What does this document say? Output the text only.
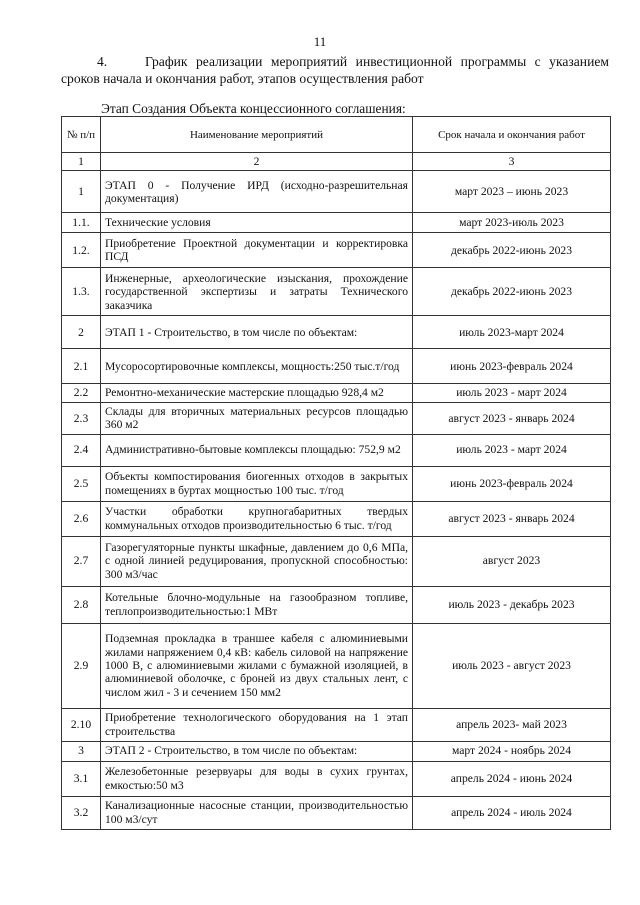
11
4.	График реализации мероприятий инвестиционной программы с указанием сроков начала и окончания работ, этапов осуществления работ
Этап Создания Объекта концессионного соглашения:
№ п/п	Наименование мероприятий	Срок начала и окончания работ
1	2	3
1	ЭТАП 0 - Получение ИРД (исходно-разрешительная документация)	март 2023 – июнь 2023
1.1.	Технические условия	март 2023-июль 2023
1.2.	Приобретение Проектной документации и корректировка ПСД	декабрь 2022-июнь 2023
1.3.	Инженерные, археологические изыскания, прохождение государственной экспертизы и затраты Технического заказчика	декабрь 2022-июнь 2023
2	ЭТАП 1 - Строительство, в том числе по объектам:	июль 2023-март 2024
2.1	Мусоросортировочные комплексы, мощность:250 тыс.т/год	июнь 2023-февраль 2024
2.2	Ремонтно-механические мастерские площадью 928,4 м2	июль 2023 - март 2024
2.3	Склады для вторичных материальных ресурсов площадью 360 м2	август 2023 - январь 2024
2.4	Административно-бытовые комплексы площадью: 752,9 м2	июль 2023 - март 2024
2.5	Объекты компостирования биогенных отходов в закрытых помещениях в буртах мощностью 100 тыс. т/год	июнь 2023-февраль 2024
2.6	Участки обработки крупногабаритных твердых коммунальных отходов производительностью 6 тыс. т/год	август 2023 - январь 2024
2.7	Газорегуляторные пункты шкафные, давлением до 0,6 МПа, с одной линией редуцирования, пропускной способностью: 300 м3/час	август 2023
2.8	Котельные блочно-модульные на газообразном топливе, теплопроизводительностью:1 МВт	июль 2023 - декабрь 2023
2.9	Подземная прокладка в траншее кабеля с алюминиевыми жилами напряжением 0,4 кВ: кабель силовой на напряжение 1000 В, с алюминиевыми жилами с бумажной изоляцией, в алюминиевой оболочке, с броней из двух стальных лент, с числом жил - 3 и сечением 150 мм2	июль 2023 - август 2023
2.10	Приобретение технологического оборудования на 1 этап строительства	апрель 2023- май 2023
3	ЭТАП 2 - Строительство, в том числе по объектам:	март 2024 - ноябрь 2024
3.1	Железобетонные резервуары для воды в сухих грунтах, емкостью:50 м3	апрель 2024 - июнь 2024
3.2	Канализационные насосные станции, производительностью 100 м3/сут	апрель 2024 - июль 2024
